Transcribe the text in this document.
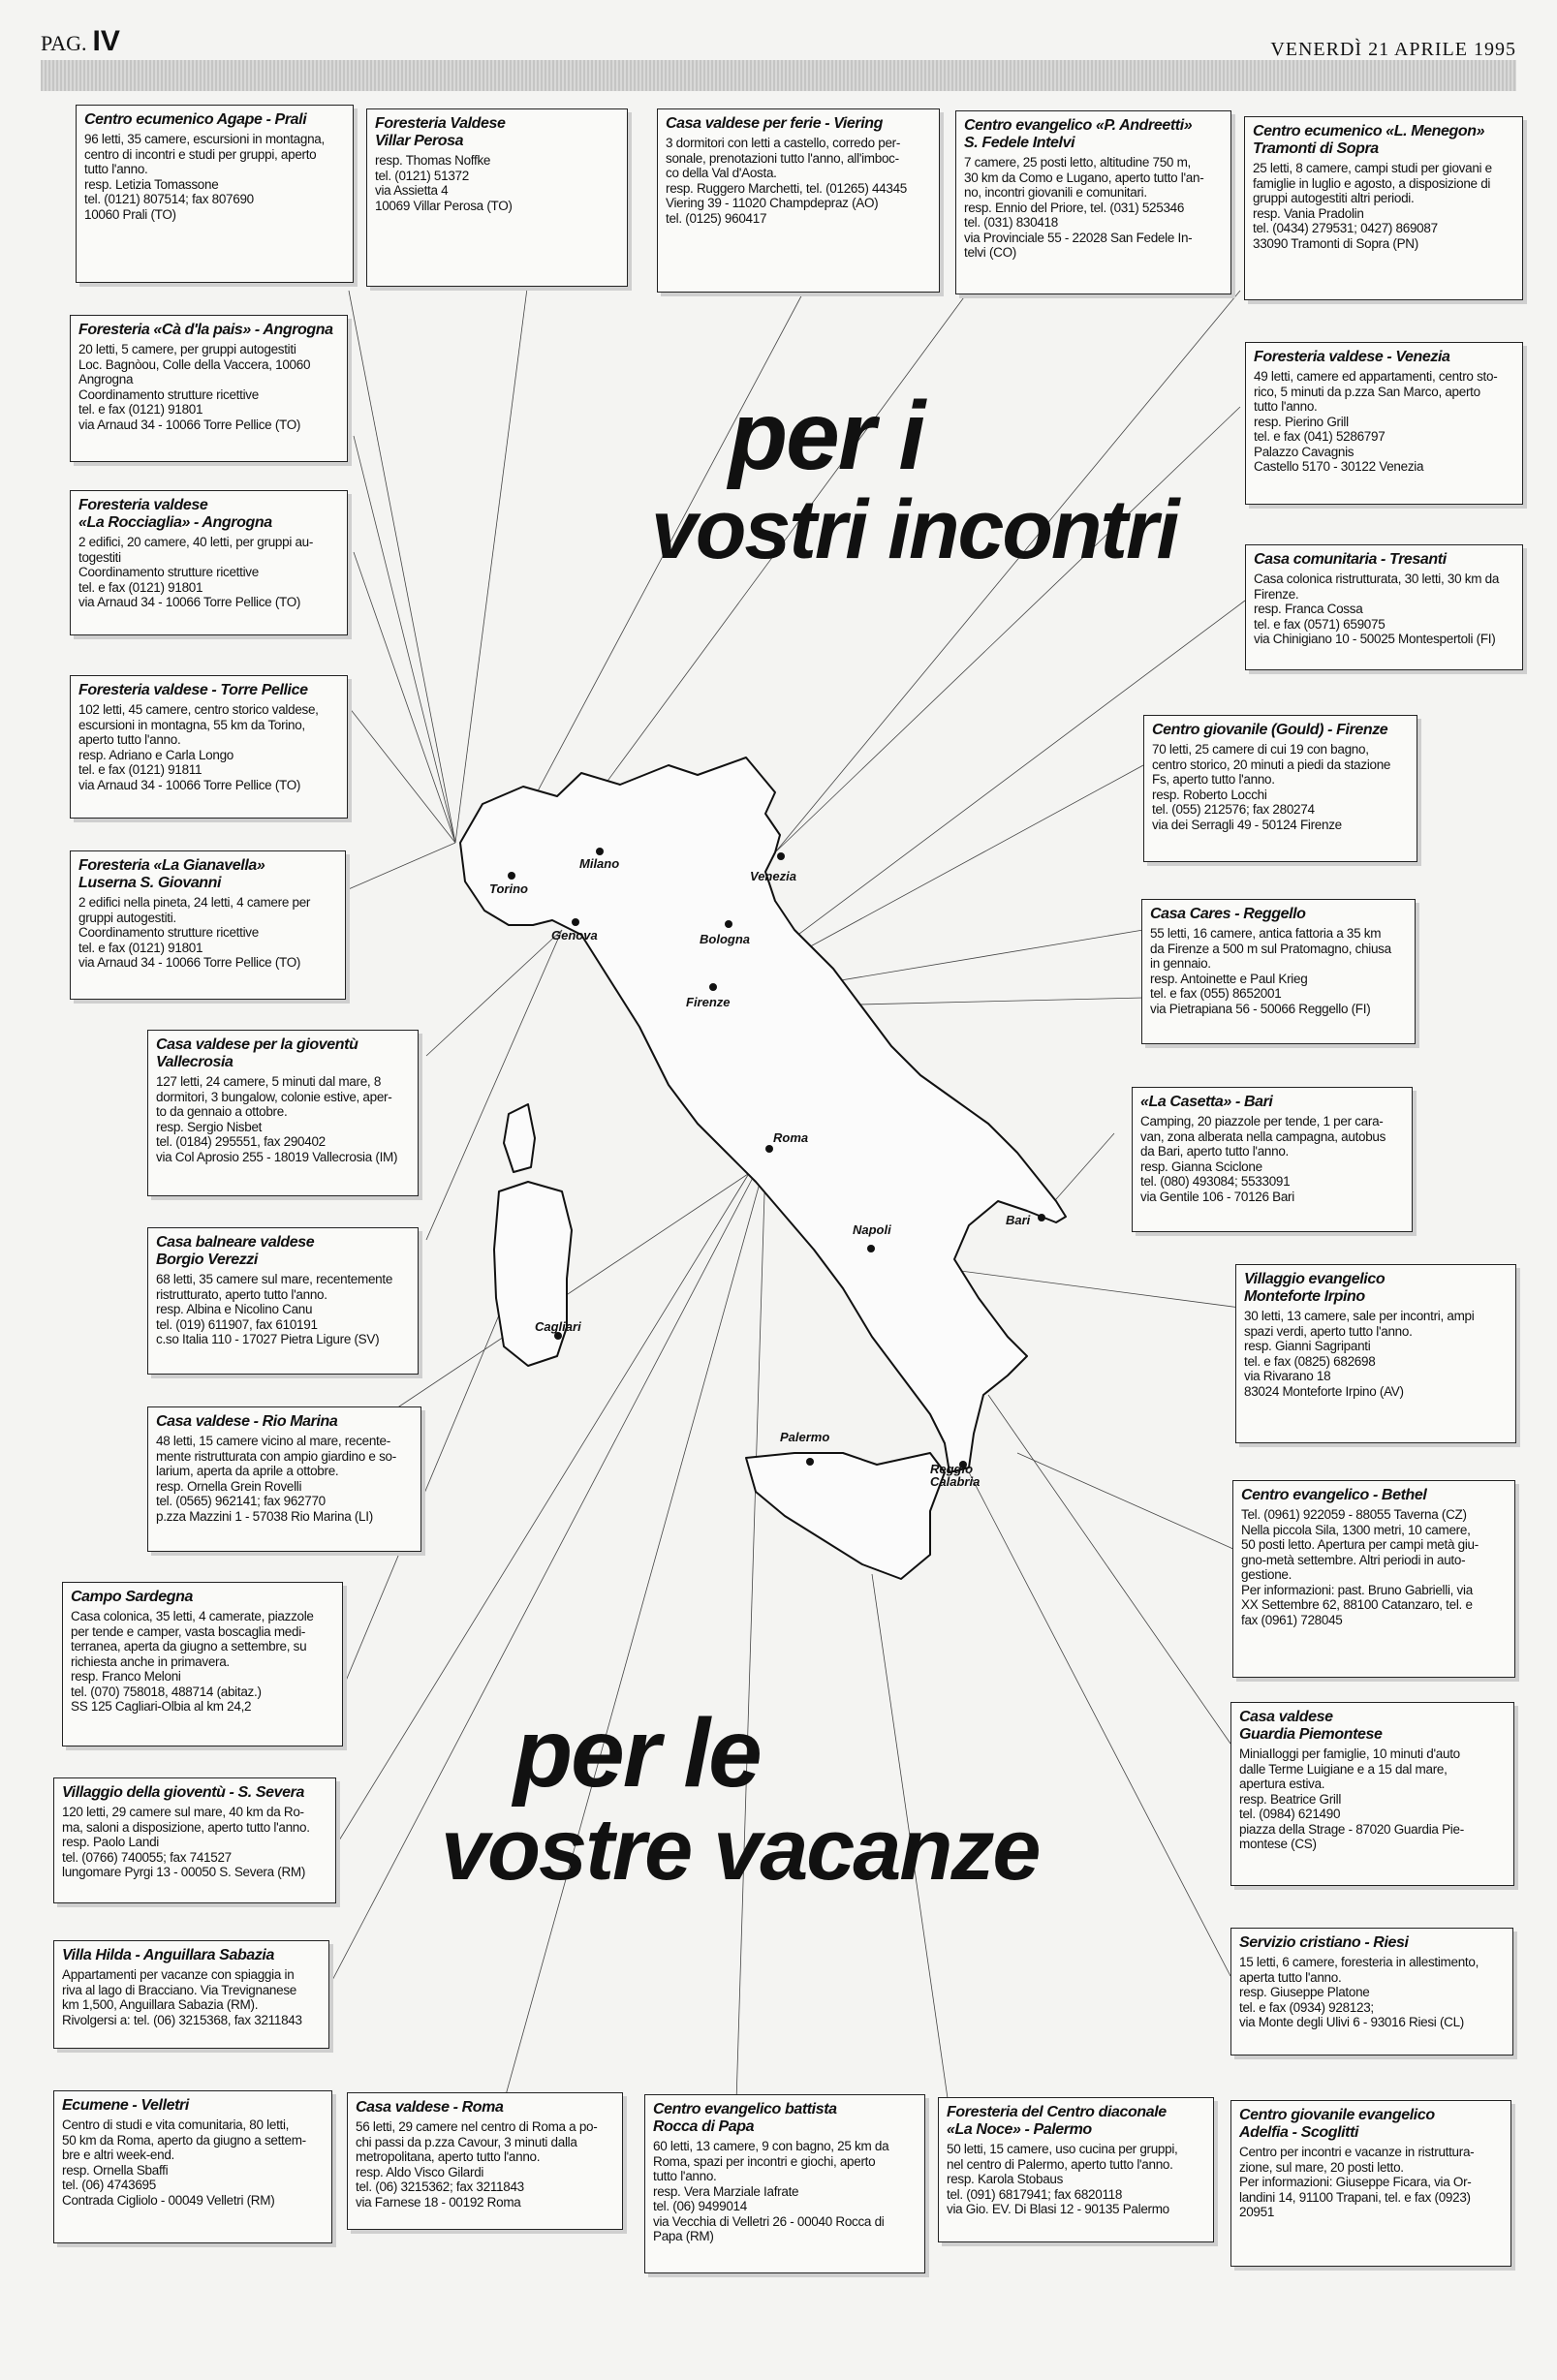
PAG. IV	VENERDÌ 21 APRILE 1995
Milano
Torino
Venezia
Genova	Bologna
Firenze
Roma
Napoli
Bari
Cagliari
Palermo
Reggio
Calabria
per i
vostri incontri
per le
vostre vacanze
Centro ecumenico Agape - Prali
96 letti, 35 camere, escursioni in montagna,
centro di incontri e studi per gruppi, aperto
tutto l'anno.
resp. Letizia Tomassone
tel. (0121) 807514; fax 807690
10060 Prali (TO)
Foresteria Valdese
Villar Perosa
resp. Thomas Noffke
tel. (0121) 51372
via Assietta 4
10069 Villar Perosa (TO)
Casa valdese per ferie - Viering
3 dormitori con letti a castello, corredo per-
sonale, prenotazioni tutto l'anno, all'imboc-
co della Val d'Aosta.
resp. Ruggero Marchetti, tel. (01265) 44345
Viering 39 - 11020 Champdepraz (AO)
tel. (0125) 960417
Centro evangelico «P. Andreetti»
S. Fedele Intelvi
7 camere, 25 posti letto, altitudine 750 m,
30 km da Como e Lugano, aperto tutto l'an-
no, incontri giovanili e comunitari.
resp. Ennio del Priore, tel. (031) 525346
tel. (031) 830418
via Provinciale 55 - 22028 San Fedele In-
telvi (CO)
Centro ecumenico «L. Menegon»
Tramonti di Sopra
25 letti, 8 camere, campi studi per giovani e
famiglie in luglio e agosto, a disposizione di
gruppi autogestiti altri periodi.
resp. Vania Pradolin
tel. (0434) 279531; 0427) 869087
33090 Tramonti di Sopra (PN)
Foresteria «Cà d'la pais» - Angrogna
20 letti, 5 camere, per gruppi autogestiti
Loc. Bagnòou, Colle della Vaccera, 10060
Angrogna
Coordinamento strutture ricettive
tel. e fax (0121) 91801
via Arnaud 34 - 10066 Torre Pellice (TO)
Foresteria valdese
«La Rocciaglia» - Angrogna
2 edifici, 20 camere, 40 letti, per gruppi au-
togestiti
Coordinamento strutture ricettive
tel. e fax (0121) 91801
via Arnaud 34 - 10066 Torre Pellice (TO)
Foresteria valdese - Torre Pellice
102 letti, 45 camere, centro storico valdese,
escursioni in montagna, 55 km da Torino,
aperto tutto l'anno.
resp. Adriano e Carla Longo
tel. e fax (0121) 91811
via Arnaud 34 - 10066 Torre Pellice (TO)
Foresteria «La Gianavella»
Luserna S. Giovanni
2 edifici nella pineta, 24 letti, 4 camere per
gruppi autogestiti.
Coordinamento strutture ricettive
tel. e fax (0121) 91801
via Arnaud 34 - 10066 Torre Pellice (TO)
Casa valdese per la gioventù
Vallecrosia
127 letti, 24 camere, 5 minuti dal mare, 8
dormitori, 3 bungalow, colonie estive, aper-
to da gennaio a ottobre.
resp. Sergio Nisbet
tel. (0184) 295551, fax 290402
via Col Aprosio 255 - 18019 Vallecrosia (IM)
Casa balneare valdese
Borgio Verezzi
68 letti, 35 camere sul mare, recentemente
ristrutturato, aperto tutto l'anno.
resp. Albina e Nicolino Canu
tel. (019) 611907, fax 610191
c.so Italia 110 - 17027 Pietra Ligure (SV)
Casa valdese - Rio Marina
48 letti, 15 camere vicino al mare, recente-
mente ristrutturata con ampio giardino e so-
larium, aperta da aprile a ottobre.
resp. Ornella Grein Rovelli
tel. (0565) 962141; fax 962770
p.zza Mazzini 1 - 57038 Rio Marina (LI)
Campo Sardegna
Casa colonica, 35 letti, 4 camerate, piazzole
per tende e camper, vasta boscaglia medi-
terranea, aperta da giugno a settembre, su
richiesta anche in primavera.
resp. Franco Meloni
tel. (070) 758018, 488714 (abitaz.)
SS 125 Cagliari-Olbia al km 24,2
Villaggio della gioventù - S. Severa
120 letti, 29 camere sul mare, 40 km da Ro-
ma, saloni a disposizione, aperto tutto l'anno.
resp. Paolo Landi
tel. (0766) 740055; fax 741527
lungomare Pyrgi 13 - 00050 S. Severa (RM)
Villa Hilda - Anguillara Sabazia
Appartamenti per vacanze con spiaggia in
riva al lago di Bracciano. Via Trevignanese
km 1,500, Anguillara Sabazia (RM).
Rivolgersi a: tel. (06) 3215368, fax 3211843
Ecumene - Velletri
Centro di studi e vita comunitaria, 80 letti,
50 km da Roma, aperto da giugno a settem-
bre e altri week-end.
resp. Ornella Sbaffi
tel. (06) 4743695
Contrada Cigliolo - 00049 Velletri (RM)
Casa valdese - Roma
56 letti, 29 camere nel centro di Roma a po-
chi passi da p.zza Cavour, 3 minuti dalla
metropolitana, aperto tutto l'anno.
resp. Aldo Visco Gilardi
tel. (06) 3215362; fax 3211843
via Farnese 18 - 00192 Roma
Centro evangelico battista
Rocca di Papa
60 letti, 13 camere, 9 con bagno, 25 km da
Roma, spazi per incontri e giochi, aperto
tutto l'anno.
resp. Vera Marziale Iafrate
tel. (06) 9499014
via Vecchia di Velletri 26 - 00040 Rocca di
Papa (RM)
Foresteria del Centro diaconale
«La Noce» - Palermo
50 letti, 15 camere, uso cucina per gruppi,
nel centro di Palermo, aperto tutto l'anno.
resp. Karola Stobaus
tel. (091) 6817941; fax 6820118
via Gio. EV. Di Blasi 12 - 90135 Palermo
Centro giovanile evangelico
Adelfia - Scoglitti
Centro per incontri e vacanze in ristruttura-
zione, sul mare, 20 posti letto.
Per informazioni: Giuseppe Ficara, via Or-
landini 14, 91100 Trapani, tel. e fax (0923)
20951
Foresteria valdese - Venezia
49 letti, camere ed appartamenti, centro sto-
rico, 5 minuti da p.zza San Marco, aperto
tutto l'anno.
resp. Pierino Grill
tel. e fax (041) 5286797
Palazzo Cavagnis
Castello 5170 - 30122 Venezia
Casa comunitaria - Tresanti
Casa colonica ristrutturata, 30 letti, 30 km da
Firenze.
resp. Franca Cossa
tel. e fax (0571) 659075
via Chinigiano 10 - 50025 Montespertoli (FI)
Centro giovanile (Gould) - Firenze
70 letti, 25 camere di cui 19 con bagno,
centro storico, 20 minuti a piedi da stazione
Fs, aperto tutto l'anno.
resp. Roberto Locchi
tel. (055) 212576; fax 280274
via dei Serragli 49 - 50124 Firenze
Casa Cares - Reggello
55 letti, 16 camere, antica fattoria a 35 km
da Firenze a 500 m sul Pratomagno, chiusa
in gennaio.
resp. Antoinette e Paul Krieg
tel. e fax (055) 8652001
via Pietrapiana 56 - 50066 Reggello (FI)
«La Casetta» - Bari
Camping, 20 piazzole per tende, 1 per cara-
van, zona alberata nella campagna, autobus
da Bari, aperto tutto l'anno.
resp. Gianna Sciclone
tel. (080) 493084; 5533091
via Gentile 106 - 70126 Bari
Villaggio evangelico
Monteforte Irpino
30 letti, 13 camere, sale per incontri, ampi
spazi verdi, aperto tutto l'anno.
resp. Gianni Sagripanti
tel. e fax (0825) 682698
via Rivarano 18
83024 Monteforte Irpino (AV)
Centro evangelico - Bethel
Tel. (0961) 922059 - 88055 Taverna (CZ)
Nella piccola Sila, 1300 metri, 10 camere,
50 posti letto. Apertura per campi metà giu-
gno-metà settembre. Altri periodi in auto-
gestione.
Per informazioni: past. Bruno Gabrielli, via
XX Settembre 62, 88100 Catanzaro, tel. e
fax (0961) 728045
Casa valdese
Guardia Piemontese
MiniaIloggi per famiglie, 10 minuti d'auto
dalle Terme Luigiane e a 15 dal mare,
apertura estiva.
resp. Beatrice Grill
tel. (0984) 621490
piazza della Strage - 87020 Guardia Pie-
montese (CS)
Servizio cristiano - Riesi
15 letti, 6 camere, foresteria in allestimento,
aperta tutto l'anno.
resp. Giuseppe Platone
tel. e fax (0934) 928123;
via Monte degli Ulivi 6 - 93016 Riesi (CL)
